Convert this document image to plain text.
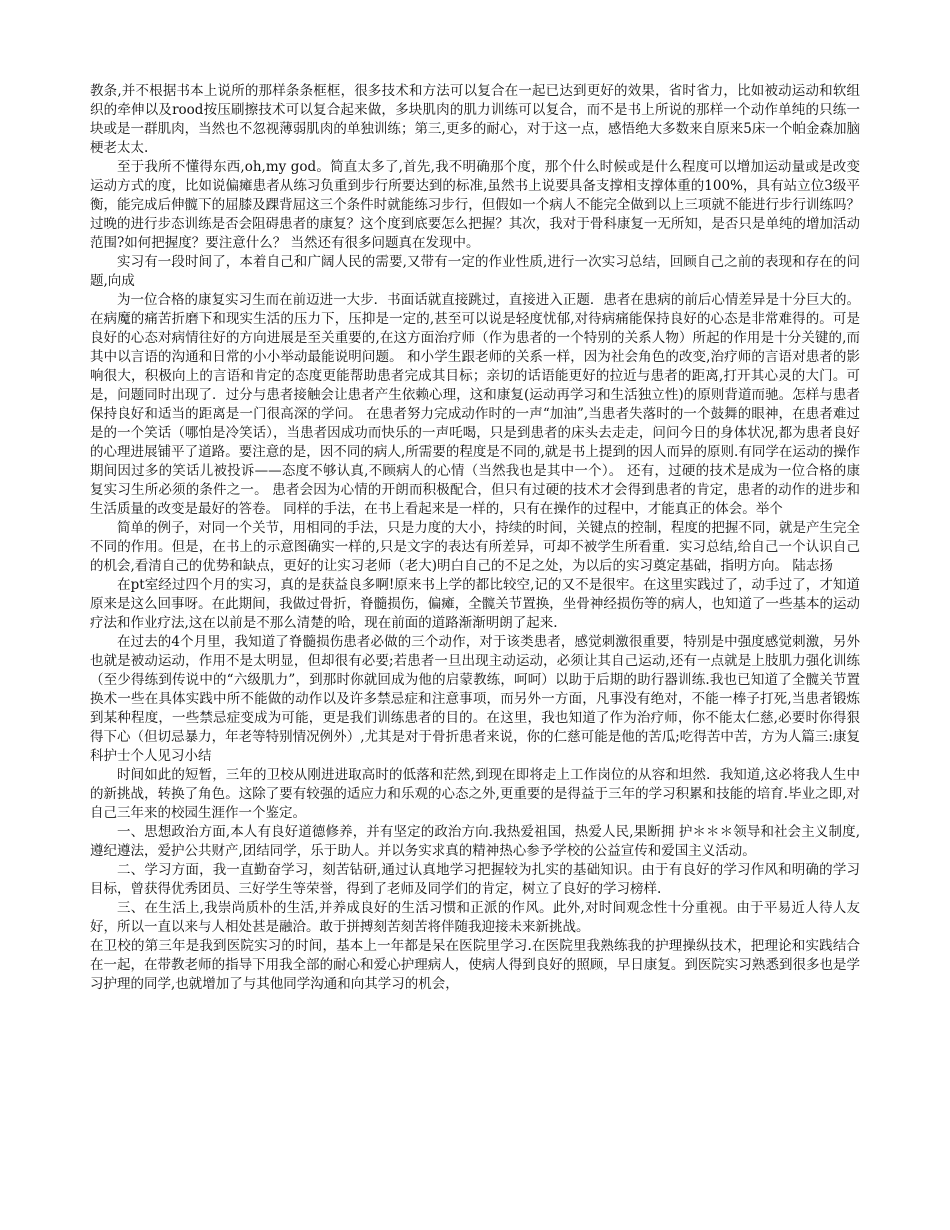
教条,并不根据书本上说所的那样条条框框，很多技术和方法可以复合在一起已达到更好的效果，省时省力，比如被动运动和软组织的牵伸以及rood按压刷擦技术可以复合起来做，多块肌肉的肌力训练可以复合，而不是书上所说的那样一个动作单纯的只练一块或是一群肌肉，当然也不忽视薄弱肌肉的单独训练；第三,更多的耐心，对于这一点，感悟绝大多数来自原来5床一个帕金森加脑梗老太太.

至于我所不懂得东西,oh,my god。简直太多了,首先,我不明确那个度，那个什么时候或是什么程度可以增加运动量或是改变运动方式的度，比如说偏瘫患者从练习负重到步行所要达到的标准,虽然书上说要具备支撑相支撑体重的100%，具有站立位3级平衡，能完成后伸髋下的屈膝及踝背屈这三个条件时就能练习步行，但假如一个病人不能完全做到以上三项就不能进行步行训练吗？过晚的进行步态训练是否会阻碍患者的康复？这个度到底要怎么把握？其次，我对于骨科康复一无所知，是否只是单纯的增加活动范围?如何把握度？要注意什么？ 当然还有很多问题真在发现中。

实习有一段时间了，本着自己和广阔人民的需要,又带有一定的作业性质,进行一次实习总结，回顾自己之前的表现和存在的问题,向成

为一位合格的康复实习生而在前迈进一大步．书面话就直接跳过，直接进入正题．患者在患病的前后心情差异是十分巨大的。在病魔的痛苦折磨下和现实生活的压力下，压抑是一定的,甚至可以说是轻度忧郁,对待病痛能保持良好的心态是非常难得的。可是良好的心态对病情往好的方向进展是至关重要的,在这方面治疗师（作为患者的一个特别的关系人物）所起的作用是十分关键的,而其中以言语的沟通和日常的小小举动最能说明问题。 和小学生跟老师的关系一样，因为社会角色的改变,治疗师的言语对患者的影响很大，积极向上的言语和肯定的态度更能帮助患者完成其目标；亲切的话语能更好的拉近与患者的距离,打开其心灵的大门。可是，问题同时出现了．过分与患者接触会让患者产生依赖心理，这和康复(运动再学习和生活独立性)的原则背道而驰。怎样与患者保持良好和适当的距离是一门很高深的学问。 在患者努力完成动作时的一声“加油”,当患者失落时的一个鼓舞的眼神，在患者难过是的一个笑话（哪怕是冷笑话），当患者因成功而快乐的一声吒喝，只是到患者的床头去走走，问问今日的身体状况,都为患者良好的心理进展铺平了道路。要注意的是，因不同的病人,所需要的程度是不同的,就是书上提到的因人而异的原则.有同学在运动的操作期间因过多的笑话儿被投诉——态度不够认真,不顾病人的心情（当然我也是其中一个）。 还有，过硬的技术是成为一位合格的康复实习生所必须的条件之一。 患者会因为心情的开朗而积极配合，但只有过硬的技术才会得到患者的肯定，患者的动作的进步和生活质量的改变是最好的答卷。 同样的手法，在书上看起来是一样的，只有在操作的过程中，才能真正的体会。举个

简单的例子，对同一个关节，用相同的手法，只是力度的大小，持续的时间，关键点的控制，程度的把握不同，就是产生完全不同的作用。但是，在书上的示意图确实一样的,只是文字的表达有所差异，可却不被学生所看重．实习总结,给自己一个认识自己的机会,看清自己的优势和缺点，更好的让实习老师（老大)明白自己的不足之处，为以后的实习奠定基础，指明方向。 陆志扬

在pt室经过四个月的实习，真的是获益良多啊!原来书上学的都比较空,记的又不是很牢。在这里实践过了，动手过了，才知道原来是这么回事呀。在此期间，我做过骨折，脊髓损伤，偏瘫，全髋关节置换，坐骨神经损伤等的病人，也知道了一些基本的运动疗法和作业疗法,这在以前是不那么清楚的哈，现在前面的道路渐渐明朗了起来.

在过去的4个月里，我知道了脊髓损伤患者必做的三个动作，对于该类患者，感觉刺激很重要，特别是中强度感觉刺激，另外也就是被动运动，作用不是太明显，但却很有必要;若患者一旦出现主动运动，必须让其自己运动,还有一点就是上肢肌力强化训练（至少得练到传说中的“六级肌力”，到那时你就回成为他的启蒙教练，呵呵）以助于后期的助行器训练.我也已知道了全髋关节置换术一些在具体实践中所不能做的动作以及许多禁忌症和注意事项，而另外一方面，凡事没有绝对，不能一棒子打死,当患者锻炼到某种程度，一些禁忌症变成为可能，更是我们训练患者的目的。在这里，我也知道了作为治疗师，你不能太仁慈,必要时你得狠得下心（但切忌暴力，年老等特别情况例外）,尤其是对于骨折患者来说，你的仁慈可能是他的苦瓜;吃得苦中苦，方为人篇三:康复科护士个人见习小结

时间如此的短暂，三年的卫校从刚进进取高时的低落和茫然,到现在即将走上工作岗位的从容和坦然．我知道,这必将我人生中的新挑战，转换了角色。这除了要有较强的适应力和乐观的心态之外,更重要的是得益于三年的学习积累和技能的培育.毕业之即,对自己三年来的校园生涯作一个鉴定。

一、思想政治方面,本人有良好道德修养，并有坚定的政治方向.我热爱祖国，热爱人民,果断拥 护＊＊＊领导和社会主义制度,遵纪遵法，爱护公共财产,团结同学，乐于助人。并以务实求真的精神热心参予学校的公益宣传和爱国主义活动。

二、学习方面，我一直勤奋学习，刻苦钻研,通过认真地学习把握较为扎实的基础知识。由于有良好的学习作风和明确的学习目标，曾获得优秀团员、三好学生等荣誉，得到了老师及同学们的肯定，树立了良好的学习榜样.

三、在生活上,我崇尚质朴的生活,并养成良好的生活习惯和正派的作风。此外,对时间观念性十分重视。由于平易近人待人友好，所以一直以来与人相处甚是融洽。敢于拼搏刻苦刻苦将伴随我迎接未来新挑战。

在卫校的第三年是我到医院实习的时间，基本上一年都是呆在医院里学习.在医院里我熟练我的护理操纵技术，把理论和实践结合在一起，在带教老师的指导下用我全部的耐心和爱心护理病人，使病人得到良好的照顾，早日康复。到医院实习熟悉到很多也是学习护理的同学,也就增加了与其他同学沟通和向其学习的机会，
